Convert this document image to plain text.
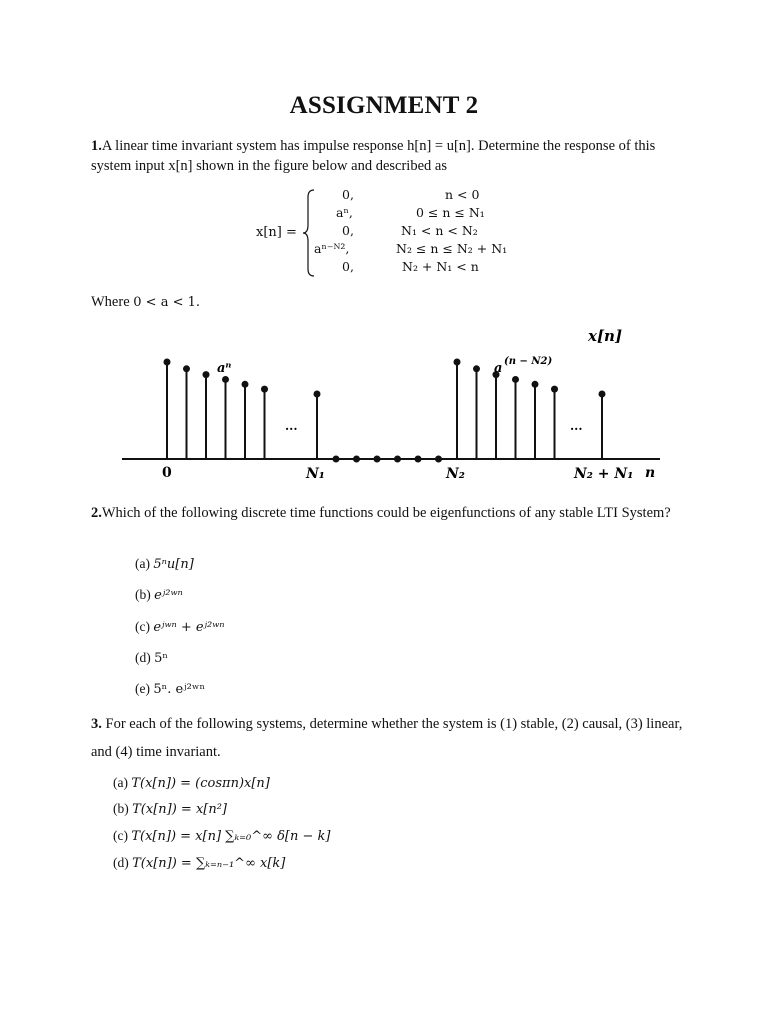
ASSIGNMENT 2
1.A linear time invariant system has impulse response h[n] = u[n]. Determine the response of this system input x[n] shown in the figure below and described as
x[n] =
0,	n < 0
aⁿ,	0 ≤ n ≤ N₁
0,	N₁ < n < N₂
aⁿ⁻ᴺ²,	N₂ ≤ n ≤ N₂ + N₁
0,	N₂ + N₁ < n
Where 0 < a < 1.
x[n]
aⁿ	a (n − N2)
...	...
0	N₁	N₂	N₂ + N₁ n
2.Which of the following discrete time functions could be eigenfunctions of any stable LTI System?
(a) 5ⁿu[n]
(b) eʲ²ʷⁿ
(c) eʲʷⁿ + eʲ²ʷⁿ
(d) 5ⁿ
(e) 5ⁿ. eʲ²ʷⁿ
3. For each of the following systems, determine whether the system is (1) stable, (2) causal, (3) linear, and (4) time invariant.
(a) T(x[n]) = (cosπn)x[n]
(b) T(x[n]) = x[n²]
(c) T(x[n]) = x[n] ∑ₖ₌₀^∞ δ[n − k]
(d) T(x[n]) = ∑ₖ₌ₙ₋₁^∞ x[k]
